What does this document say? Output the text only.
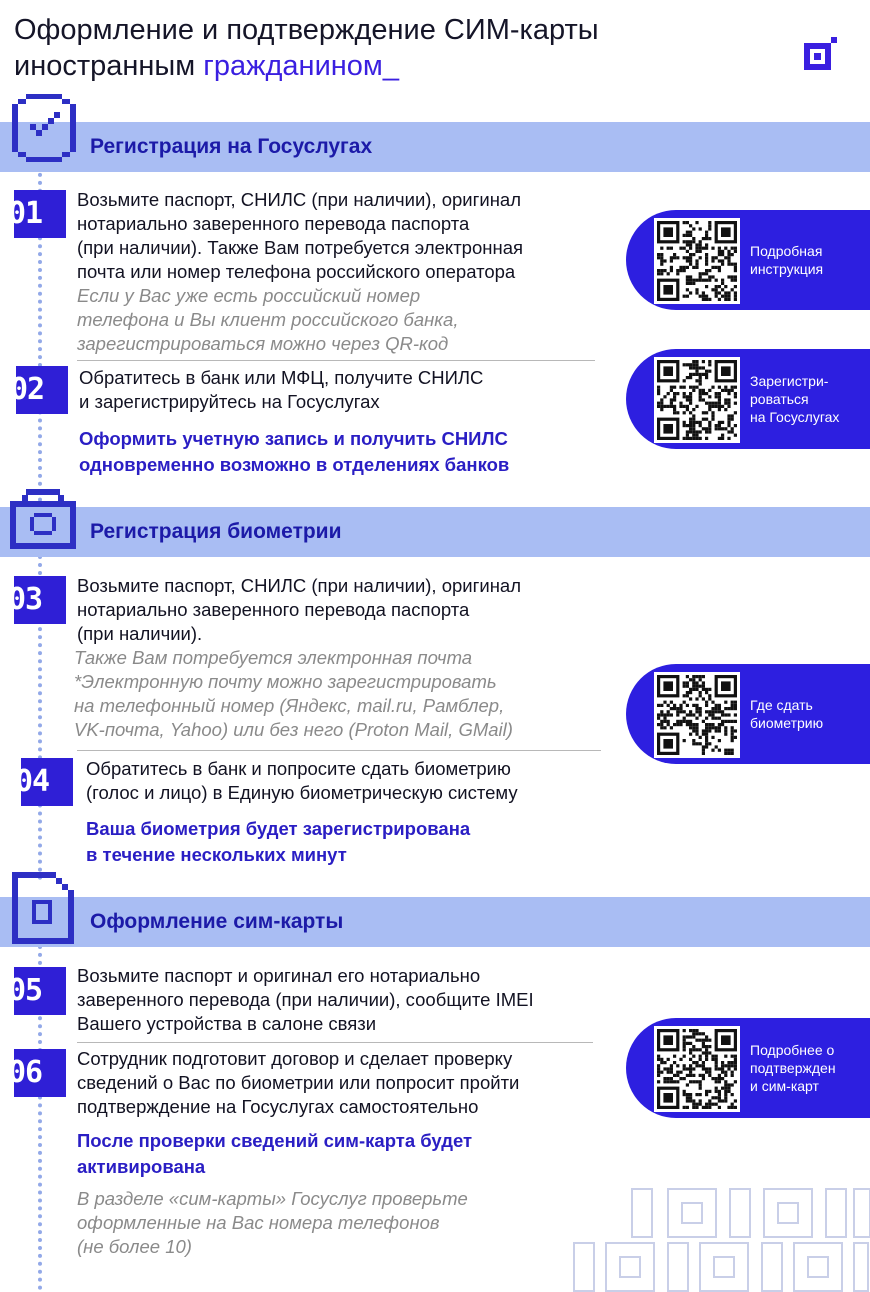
Оформление и подтверждение СИМ-карты
иностранным гражданином_
Регистрация на Госуслугах
01	Возьмите паспорт, СНИЛС (при наличии), оригинал
нотариально заверенного перевода паспорта
(при наличии). Также Вам потребуется электронная
почта или номер телефона российского оператора
Если у Вас уже есть российский номер
телефона и Вы клиент российского банка,
зарегистрироваться можно через QR-код
02	Обратитесь в банк или МФЦ, получите СНИЛС
и зарегистрируйтесь на Госуслугах
Оформить учетную запись и получить СНИЛС
одновременно возможно в отделениях банков
Регистрация биометрии
03	Возьмите паспорт, СНИЛС (при наличии), оригинал
нотариально заверенного перевода паспорта
(при наличии).
Также Вам потребуется электронная почта
*Электронную почту можно зарегистрировать
на телефонный номер (Яндекс, mail.ru, Рамблер,
VK-почта, Yahoo) или без него (Proton Mail, GMail)
04	Обратитесь в банк и попросите сдать биометрию
(голос и лицо) в Единую биометрическую систему
Ваша биометрия будет зарегистрирована
в течение нескольких минут
Оформление сим-карты
05	Возьмите паспорт и оригинал его нотариально
заверенного перевода (при наличии), сообщите IMEI
Вашего устройства в салоне связи
06	Сотрудник подготовит договор и сделает проверку
сведений о Вас по биометрии или попросит пройти
подтверждение на Госуслугах самостоятельно
После проверки сведений сим-карта будет
активирована
В разделе «сим-карты» Госуслуг проверьте
оформленные на Вас номера телефонов
(не более 10)
Подробная
инструкция
Зарегистри-
роваться
на Госуслугах
Где сдать
биометрию
Подробнее о
подтвержден
и сим-карт
